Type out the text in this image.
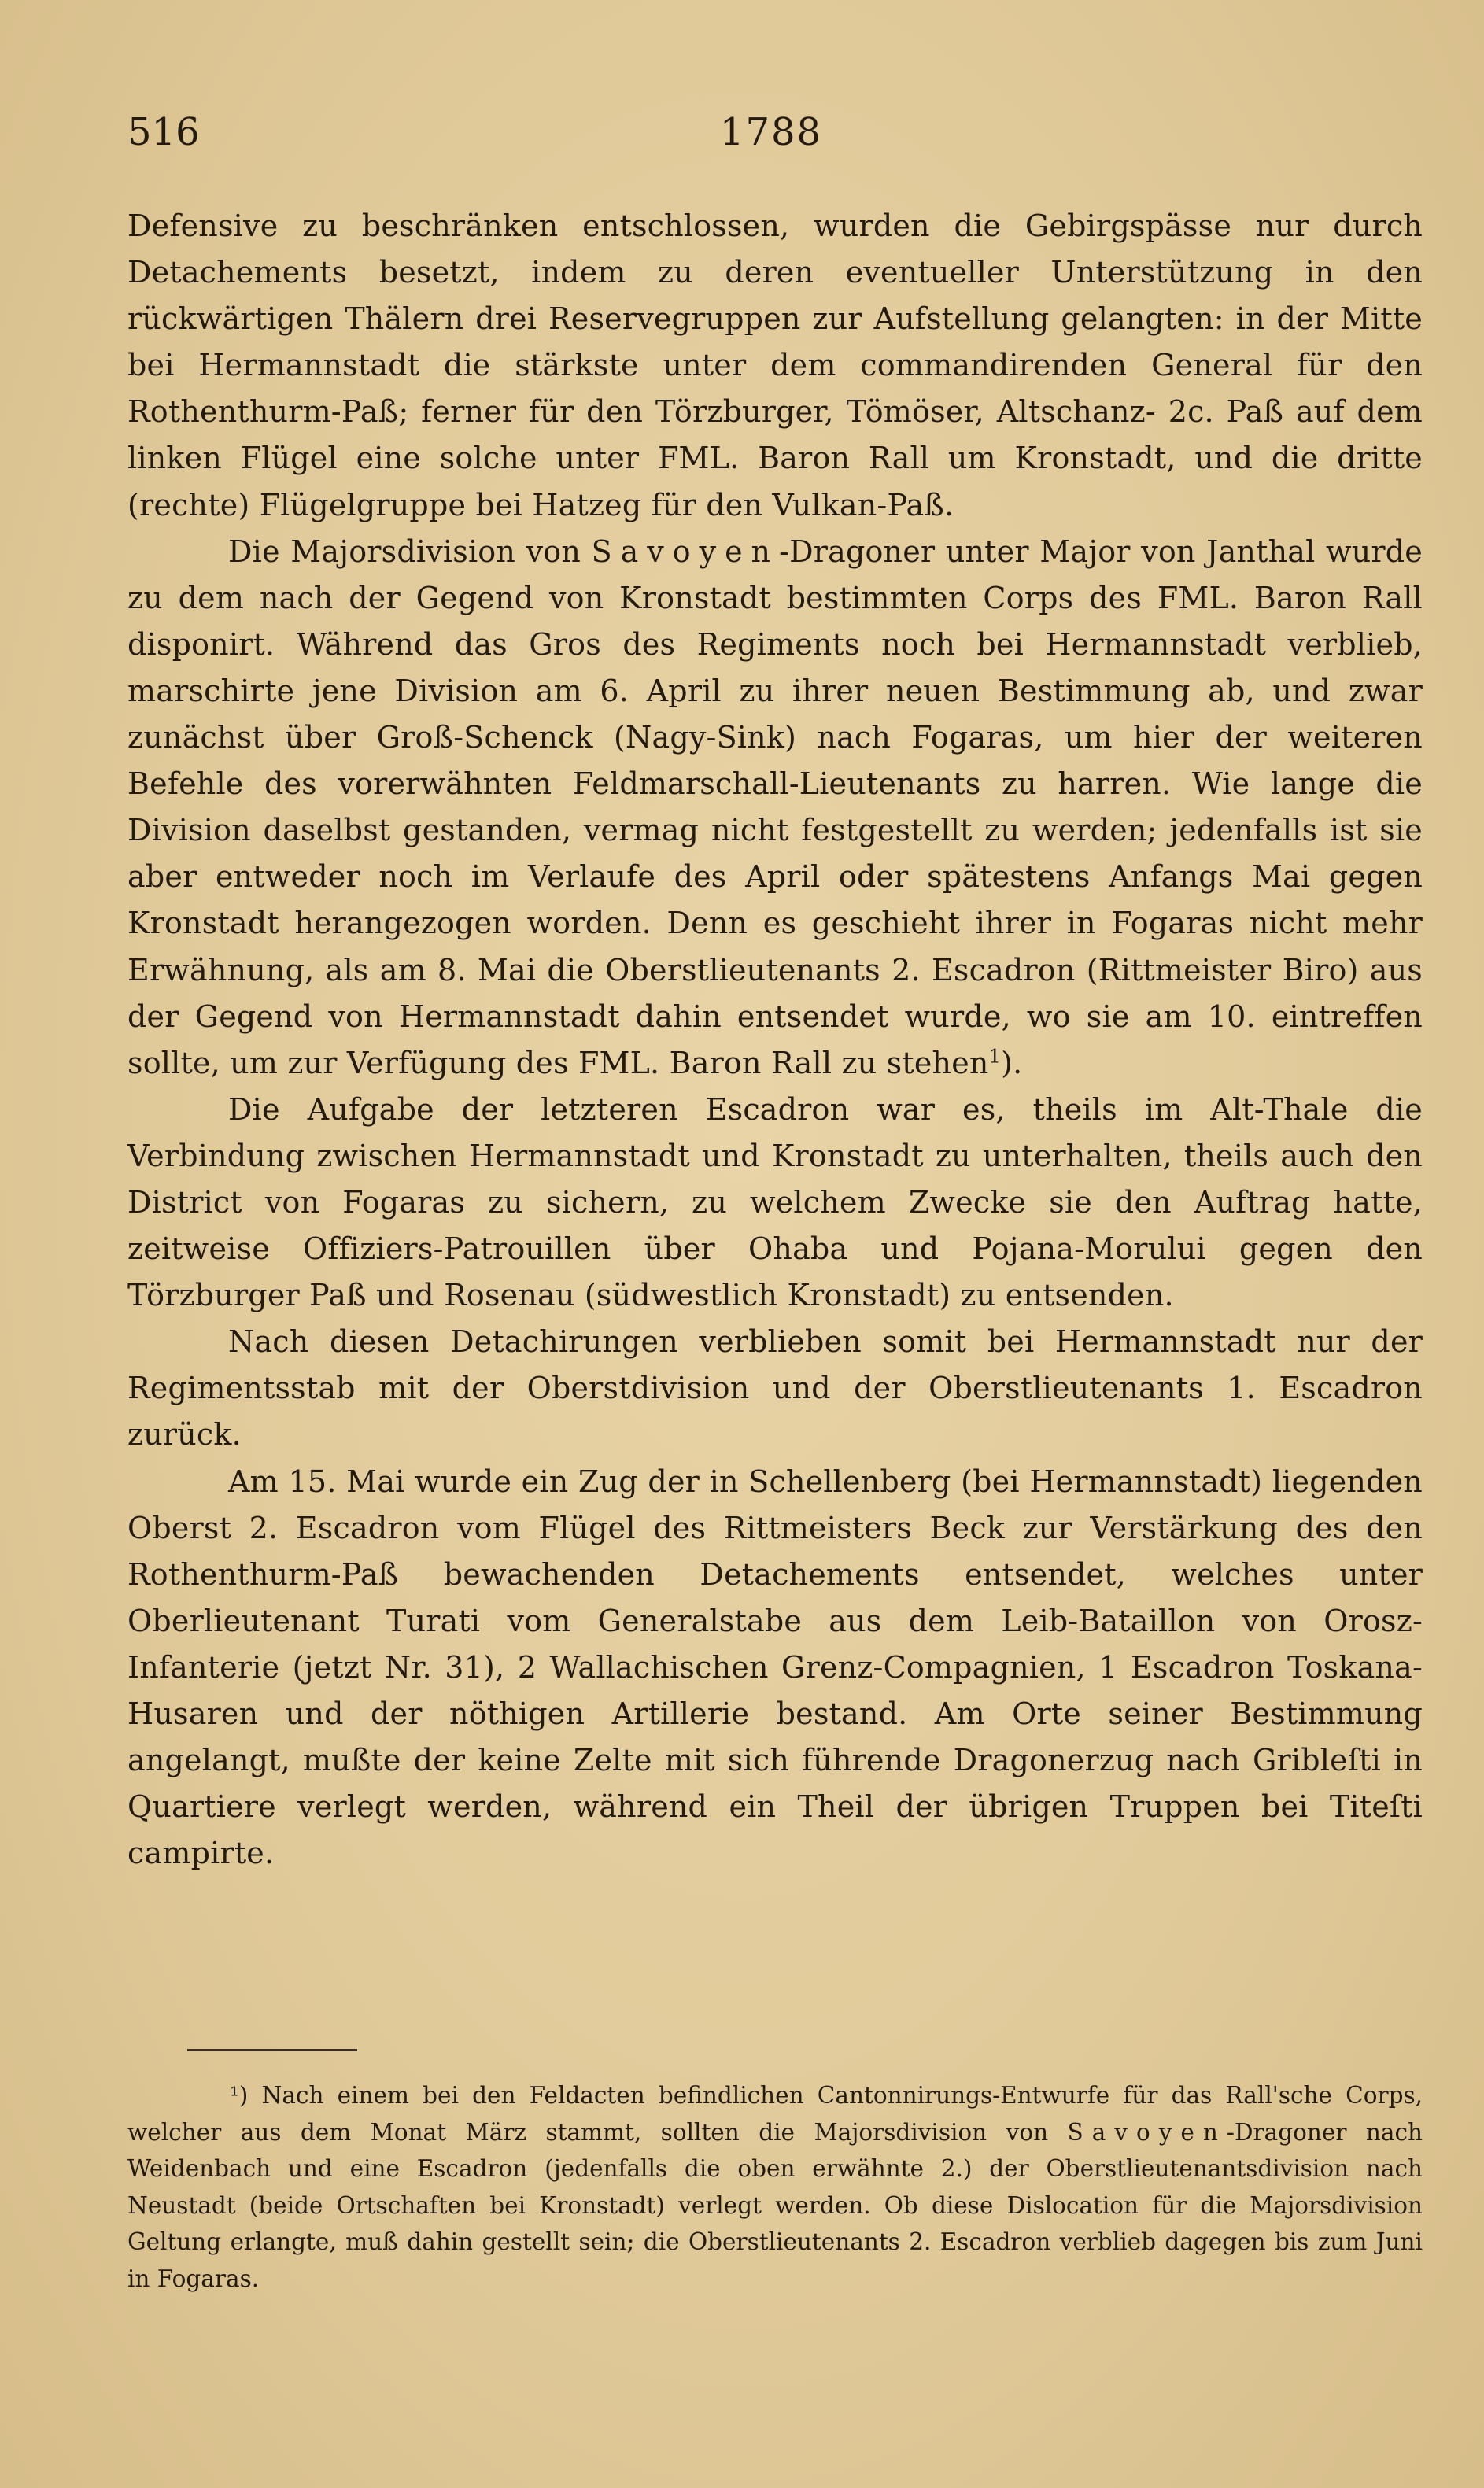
516	1788

Defensive zu beschränken entschlossen, wurden die Gebirgspässe nur durch Detachements besetzt, indem zu deren eventueller Unterstützung in den rückwärtigen Thälern drei Reservegruppen zur Aufstellung gelangten: in der Mitte bei Hermannstadt die stärkste unter dem commandirenden General für den Rothenthurm-Paß; ferner für den Törzburger, Tömöser, Altschanz- 2c. Paß auf dem linken Flügel eine solche unter FML. Baron Rall um Kronstadt, und die dritte (rechte) Flügelgruppe bei Hatzeg für den Vulkan-Paß.

Die Majorsdivision von Savoyen-Dragoner unter Major von Janthal wurde zu dem nach der Gegend von Kronstadt bestimmten Corps des FML. Baron Rall disponirt. Während das Gros des Regiments noch bei Hermannstadt verblieb, marschirte jene Division am 6. April zu ihrer neuen Bestimmung ab, und zwar zunächst über Groß-Schenck (Nagy-Sink) nach Fogaras, um hier der weiteren Befehle des vorerwähnten Feldmarschall-Lieutenants zu harren. Wie lange die Division daselbst gestanden, vermag nicht festgestellt zu werden; jedenfalls ist sie aber entweder noch im Verlaufe des April oder spätestens Anfangs Mai gegen Kronstadt herangezogen worden. Denn es geschieht ihrer in Fogaras nicht mehr Erwähnung, als am 8. Mai die Oberstlieutenants 2. Escadron (Rittmeister Biro) aus der Gegend von Hermannstadt dahin entsendet wurde, wo sie am 10. eintreffen sollte, um zur Verfügung des FML. Baron Rall zu stehen$^1$).

Die Aufgabe der letzteren Escadron war es, theils im Alt-Thale die Verbindung zwischen Hermannstadt und Kronstadt zu unterhalten, theils auch den District von Fogaras zu sichern, zu welchem Zwecke sie den Auftrag hatte, zeitweise Offiziers-Patrouillen über Ohaba und Pojana-Morului gegen den Törzburger Paß und Rosenau (südwestlich Kronstadt) zu entsenden.

Nach diesen Detachirungen verblieben somit bei Hermannstadt nur der Regimentsstab mit der Oberstdivision und der Oberstlieutenants 1. Escadron zurück.

Am 15. Mai wurde ein Zug der in Schellenberg (bei Hermannstadt) liegenden Oberst 2. Escadron vom Flügel des Rittmeisters Beck zur Verstärkung des den Rothenthurm-Paß bewachenden Detachements entsendet, welches unter Oberlieutenant Turati vom Generalstabe aus dem Leib-Bataillon von Orosz-Infanterie (jetzt Nr. 31), 2 Wallachischen Grenz-Compagnien, 1 Escadron Toskana-Husaren und der nöthigen Artillerie bestand. Am Orte seiner Bestimmung angelangt, mußte der keine Zelte mit sich führende Dragonerzug nach Gribleſti in Quartiere verlegt werden, während ein Theil der übrigen Truppen bei Titeſti campirte.

¹) Nach einem bei den Feldacten befindlichen Cantonnirungs-Entwurfe für das Rall'sche Corps, welcher aus dem Monat März stammt, sollten die Majorsdivision von Savoyen-Dragoner nach Weidenbach und eine Escadron (jedenfalls die oben erwähnte 2.) der Oberstlieutenantsdivision nach Neustadt (beide Ortschaften bei Kronstadt) verlegt werden. Ob diese Dislocation für die Majorsdivision Geltung erlangte, muß dahin gestellt sein; die Oberstlieutenants 2. Escadron verblieb dagegen bis zum Juni in Fogaras.
